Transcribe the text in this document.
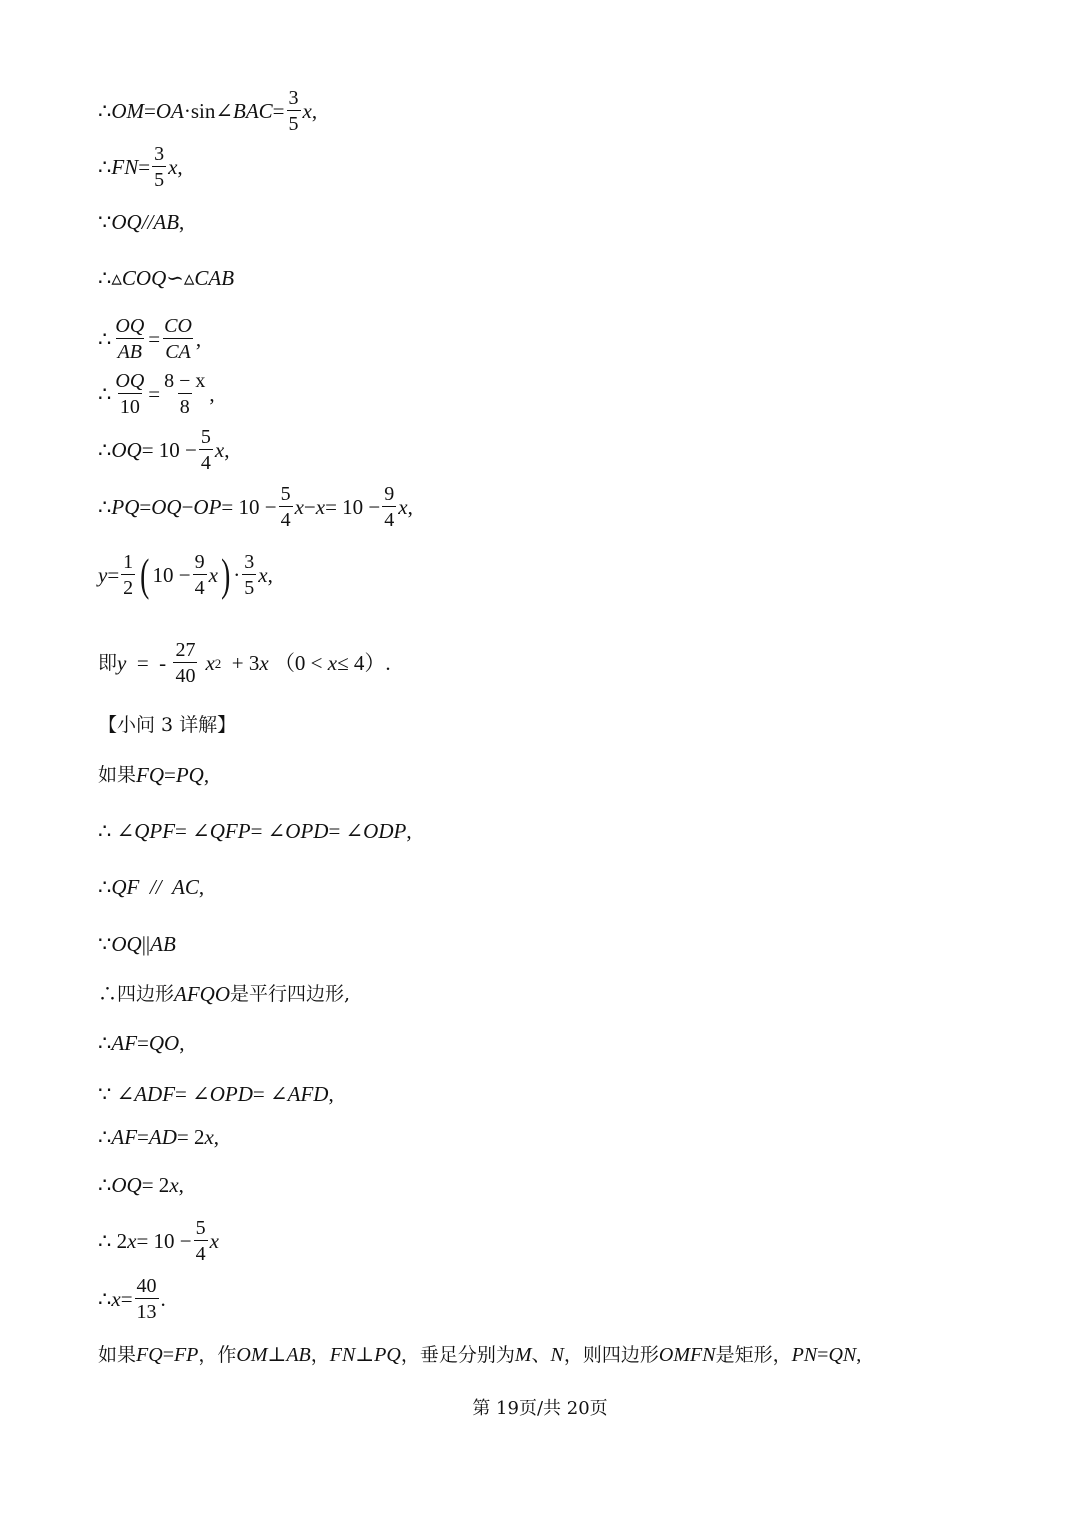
∴ OM = OA ·sin∠ BAC = $\frac{3}{5}$ x ,
∴ FN = $\frac{3}{5}$ x ,
∵ OQ // AB ,
∴ ▵COQ∽▵CAB
∴ $\frac{OQ}{AB} = \frac{CO}{CA}$ ,
∴ $\frac{OQ}{10} = \frac{8 - x}{8}$ ,
∴ OQ = $10 - \frac{5}{4}$ x ,
∴ PQ = OQ − OP = $10 - \frac{5}{4}$ $x - x = 10 - \frac{9}{4}$ x ,
$y = \frac{1}{2}$ ( $10 - \frac{9}{4}$ x ) · $\frac{3}{5}$ x ,
即 y =  - $\frac{27}{40}$ x 2 + 3 x （0 < x ≤ 4）.
【小问 3 详解】
如果 FQ = PQ ,
∴ ∠ QPF = ∠ QFP = ∠ OPD = ∠ ODP ,
∴ QF // AC ,
∵ OQ || AB
∴四边形 AFQO 是平行四边形,
∴ AF = QO ,
∵ ∠ ADF = ∠ OPD = ∠ AFD ,
∴ AF = AD = 2 x ,
∴ OQ = 2 x ,
∴ 2 $x = 10 - \frac{5}{4}$ x
∴ $x = \frac{40}{13}$ .
如果 FQ = FP ，作 OM ⊥ AB ， FN ⊥ PQ ，垂足分别为 M 、 N ，则四边形 OMFN 是矩形， PN = QN ,
第 19页/共 20页
